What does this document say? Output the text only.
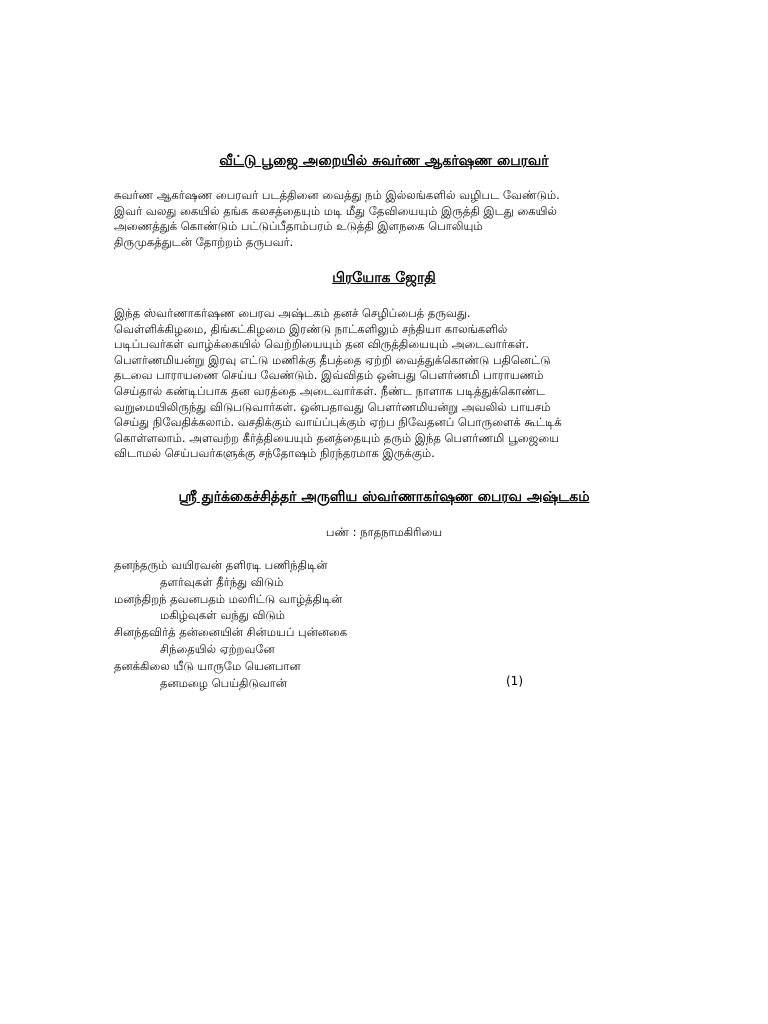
வீட்டு பூஜை அறையில் சுவர்ண ஆகர்ஷண பைரவர்
சுவர்ண ஆகர்ஷண பைரவர் படத்தினை வைத்து நம் இல்லங்களில் வழிபட வேண்டும்.
இவர் வலது கையில் தங்க கலசத்தையும் மடி மீது தேவியையும் இருத்தி இடது கையில்
அணைத்துக் கொண்டும் பட்டுப்பீதாம்பரம் உடுத்தி இளநகை பொலியும்
திருமுகத்துடன் தோற்றம் தருபவர்.
பிரயோக ஜோதி
இந்த ஸ்வர்ணாகர்ஷண பைரவ அஷ்டகம் தனச் செழிப்பைத் தருவது.
வெள்ளிக்கிழமை, திங்கட்கிழமை இரண்டு நாட்களிலும் சந்தியா காலங்களில்
படிப்பவர்கள் வாழ்க்கையில் வெற்றியையும் தன விருத்தியையும் அடைவார்கள்.
பௌர்ணமியன்று இரவு எட்டு மணிக்கு தீபத்தை ஏற்றி வைத்துக்கொண்டு பதினெட்டு
தடவை பாராயணை செய்ய வேண்டும். இவ்விதம் ஒன்பது பௌர்ணமி பாராயணம்
செய்தால் கண்டிப்பாக தன வரத்தை அடைவார்கள். நீண்ட நாளாக படித்துக்கொண்ட
வறுமையிலிருந்து விடுபடுவார்கள். ஒன்பதாவது பௌர்ணமியன்று அவலில் பாயசம்
செய்து நிவேதிக்கலாம். வசதிக்கும் வாய்ப்புக்கும் ஏற்ப நிவேதனப் பொருளைக் கூட்டிக்
கொள்ளலாம். அளவற்ற கீர்த்தியையும் தனத்தையும் தரும் இந்த பௌர்ணமி பூஜையை
விடாமல் செய்பவர்களுக்கு சந்தோஷம் நிரந்தரமாக இருக்கும்.
ஸ்ரீ துர்க்கைச்சித்தர் அருளிய ஸ்வர்ணாகர்ஷண பைரவ அஷ்டகம்
பண் : நாதநாமகிரியை
தனந்தரும் வயிரவன் தளிரடி பணிந்திடின்
தளர்வுகள் தீர்ந்து விடும்
மனந்திறந் தவனபதம் மலரிட்டு வாழ்த்திடின்
மகிழ்வுகள் வந்து விடும்
சினந்தவிர்த் தன்னையின் சின்மயப் புன்னகை
சிந்தையில் ஏற்றவனே
தனக்கிலை யீடு யாருமே யெனபான
தனமழை பெய்திடுவான்	(1)
